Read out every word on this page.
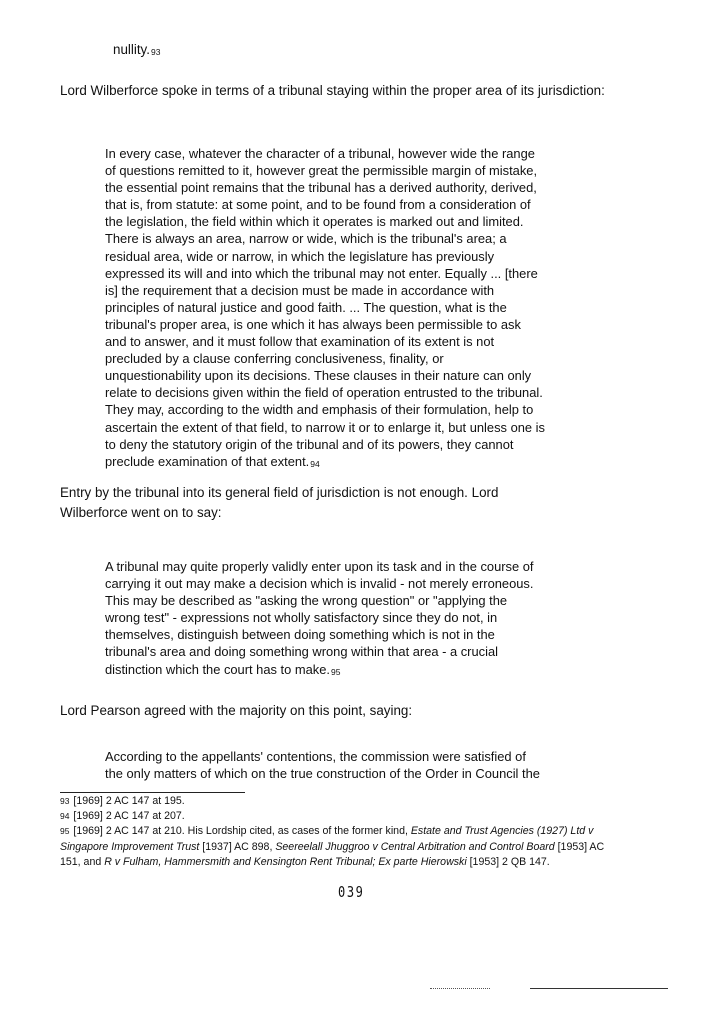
nullity.93

Lord Wilberforce spoke in terms of a tribunal staying within the proper area of its jurisdiction:

In every case, whatever the character of a tribunal, however wide the range
of questions remitted to it, however great the permissible margin of mistake,
the essential point remains that the tribunal has a derived authority, derived,
that is, from statute: at some point, and to be found from a consideration of
the legislation, the field within which it operates is marked out and limited.
There is always an area, narrow or wide, which is the tribunal's area; a
residual area, wide or narrow, in which the legislature has previously
expressed its will and into which the tribunal may not enter. Equally ... [there
is] the requirement that a decision must be made in accordance with
principles of natural justice and good faith. ... The question, what is the
tribunal's proper area, is one which it has always been permissible to ask
and to answer, and it must follow that examination of its extent is not
precluded by a clause conferring conclusiveness, finality, or
unquestionability upon its decisions. These clauses in their nature can only
relate to decisions given within the field of operation entrusted to the tribunal.
They may, according to the width and emphasis of their formulation, help to
ascertain the extent of that field, to narrow it or to enlarge it, but unless one is
to deny the statutory origin of the tribunal and of its powers, they cannot
preclude examination of that extent.94
Entry by the tribunal into its general field of jurisdiction is not enough. Lord
Wilberforce went on to say:
A tribunal may quite properly validly enter upon its task and in the course of
carrying it out may make a decision which is invalid - not merely erroneous.
This may be described as "asking the wrong question" or "applying the
wrong test" - expressions not wholly satisfactory since they do not, in
themselves, distinguish between doing something which is not in the
tribunal's area and doing something wrong within that area - a crucial
distinction which the court has to make.95

Lord Pearson agreed with the majority on this point, saying:

According to the appellants' contentions, the commission were satisfied of
the only matters of which on the true construction of the Order in Council the

93 [1969] 2 AC 147 at 195.

94 [1969] 2 AC 147 at 207.

95 [1969] 2 AC 147 at 210. His Lordship cited, as cases of the former kind, Estate and Trust Agencies (1927) Ltd v Singapore Improvement Trust [1937] AC 898, Seereelall Jhuggroo v Central Arbitration and Control Board [1953] AC 151, and R v Fulham, Hammersmith and Kensington Rent Tribunal; Ex parte Hierowski [1953] 2 QB 147.

039
